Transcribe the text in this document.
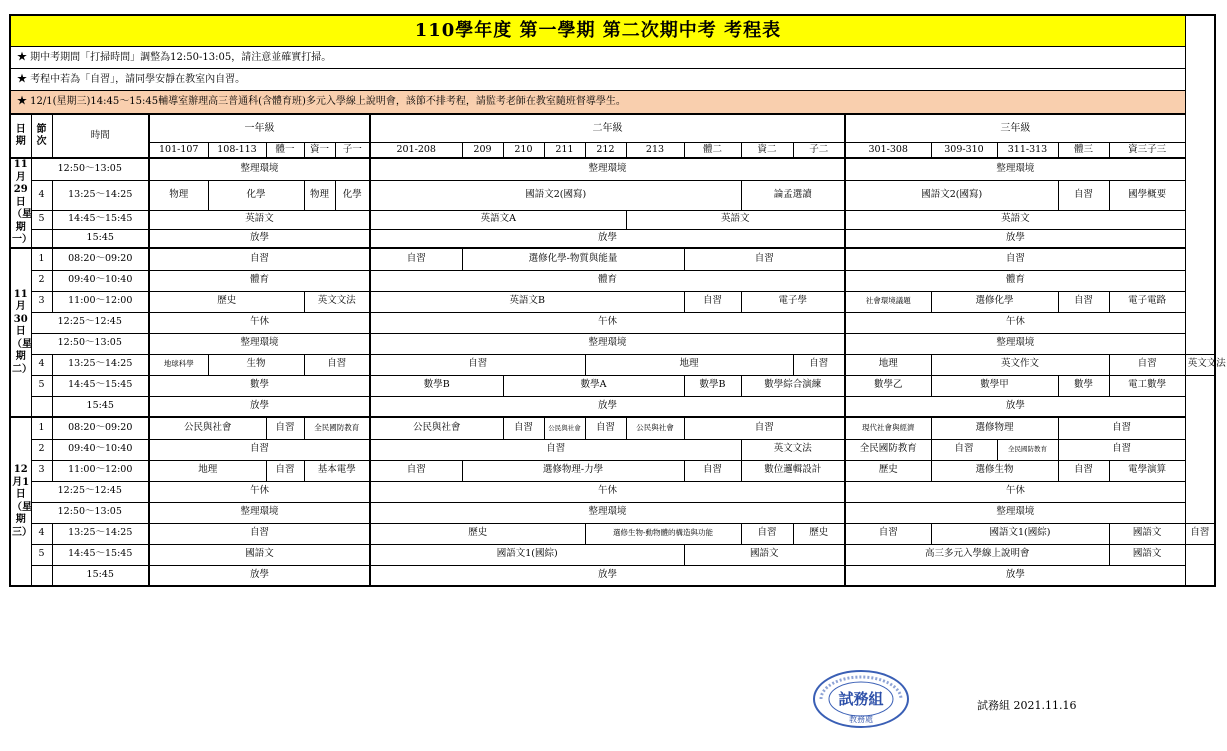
110學年度 第一學期 第二次期中考 考程表																						
★ 期中考期間「打掃時間」調整為12:50-13:05，請注意並確實打掃。																						
★ 考程中若為「自習」，請同學安靜在教室內自習。																						
★ 12/1(星期三)14:45～15:45輔導室辦理高三普通科(含體育班)多元入學線上說明會，該節不排考程，請監考老師在教室隨班督導學生。																						
日期	節次	時間	一年級					二年級									三年級					
			101-107	108-113	體一	資一	子一	201-208	209	210	211	212	213	體二	資二	子二	301-308	309-310	311-313	體三	資三子三	
11月29日（星期一）	12:50～13:05		整理環境					整理環境									整理環境					
	4	13:25～14:25	物理	化學		物理	化學	國語文2(國寫)							論孟選讀		國語文2(國寫)			自習	國學概要	
	5	14:45～15:45	英語文					英語文A					英語文				英語文					
		15:45	放學					放學									放學					
11月30日（星期二）	1	08:20～09:20	自習					自習	選修化學-物質與能量					自習			自習					
	2	09:40～10:40	體育					體育									體育					
	3	11:00～12:00	歷史			英文文法		英語文B						自習	電子學		社會環境議題	選修化學		自習	電子電路	
	12:25～12:45		午休					午休									午休					
	12:50～13:05		整理環境					整理環境									整理環境					
	4	13:25～14:25	地球科學	生物		自習		自習				地理				自習	地理	英文作文			自習	英文文法
	5	14:45～15:45	數學					數學B		數學A				數學B	數學綜合演練		數學乙	數學甲		數學	電工數學	
		15:45	放學					放學									放學					
12月1日（星期三）	1	08:20～09:20	公民與社會		自習	全民國防教育		公民與社會		自習	公民與社會	自習	公民與社會	自習			現代社會與經濟	選修物理		自習		
	2	09:40～10:40	自習					自習							英文文法		全民國防教育	自習	全民國防教育	自習		
	3	11:00～12:00	地理		自習	基本電學		自習	選修物理-力學					自習	數位邏輯設計		歷史	選修生物		自習	電學演算	
	12:25～12:45		午休					午休									午休					
	12:50～13:05		整理環境					整理環境									整理環境					
	4	13:25～14:25	自習					歷史				選修生物-動物體的構造與功能			自習	歷史	自習	國語文1(國綜)			國語文	自習
	5	14:45～15:45	國語文					國語文1(國綜)						國語文			高三多元入學線上說明會				國語文	
		15:45	放學					放學									放學					
試務組
教務處
試務組 2021.11.16
